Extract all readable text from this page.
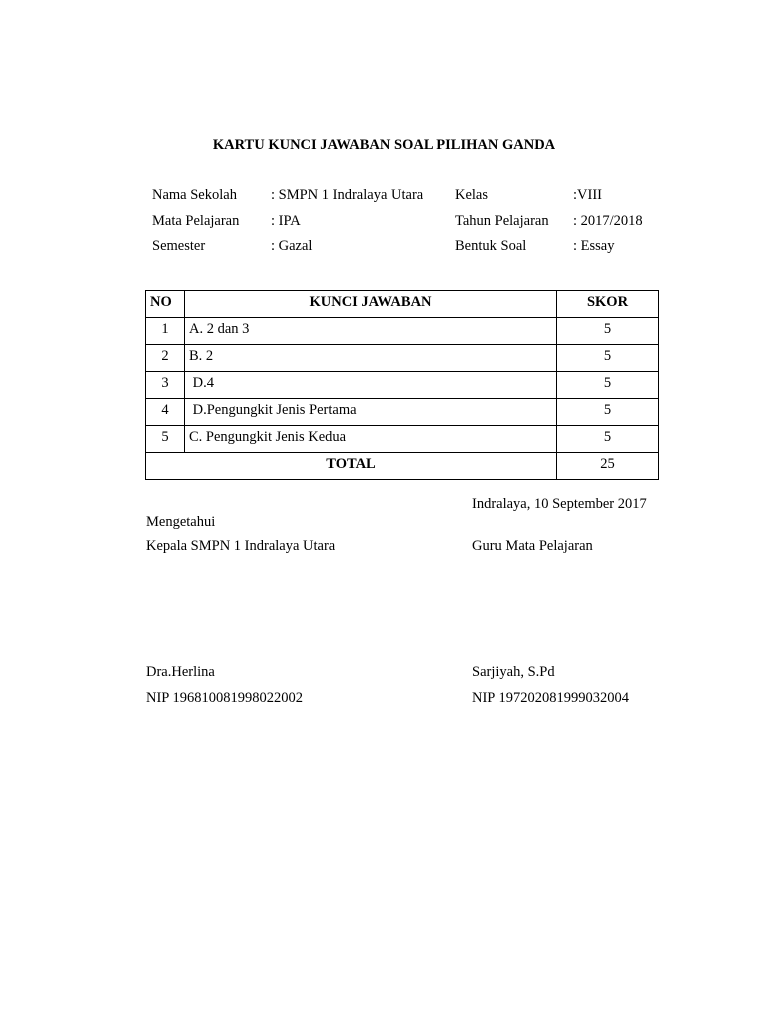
KARTU KUNCI JAWABAN SOAL PILIHAN GANDA
Nama Sekolah : SMPN 1 Indralaya Utara Kelas	:VIII
Mata Pelajaran : IPA	Tahun Pelajaran : 2017/2018
Semester	: Gazal	Bentuk Soal	: Essay
NO	KUNCI JAWABAN	SKOR
1	A. 2 dan 3	5
2	B. 2	5
3	D.4	5
4	D.Pengungkit Jenis Pertama	5
5	C. Pengungkit Jenis Kedua	5
TOTAL		25
Indralaya, 10 September 2017
Mengetahui
Kepala SMPN 1 Indralaya Utara	Guru Mata Pelajaran
Dra.Herlina	Sarjiyah, S.Pd
NIP 196810081998022002	NIP 197202081999032004
